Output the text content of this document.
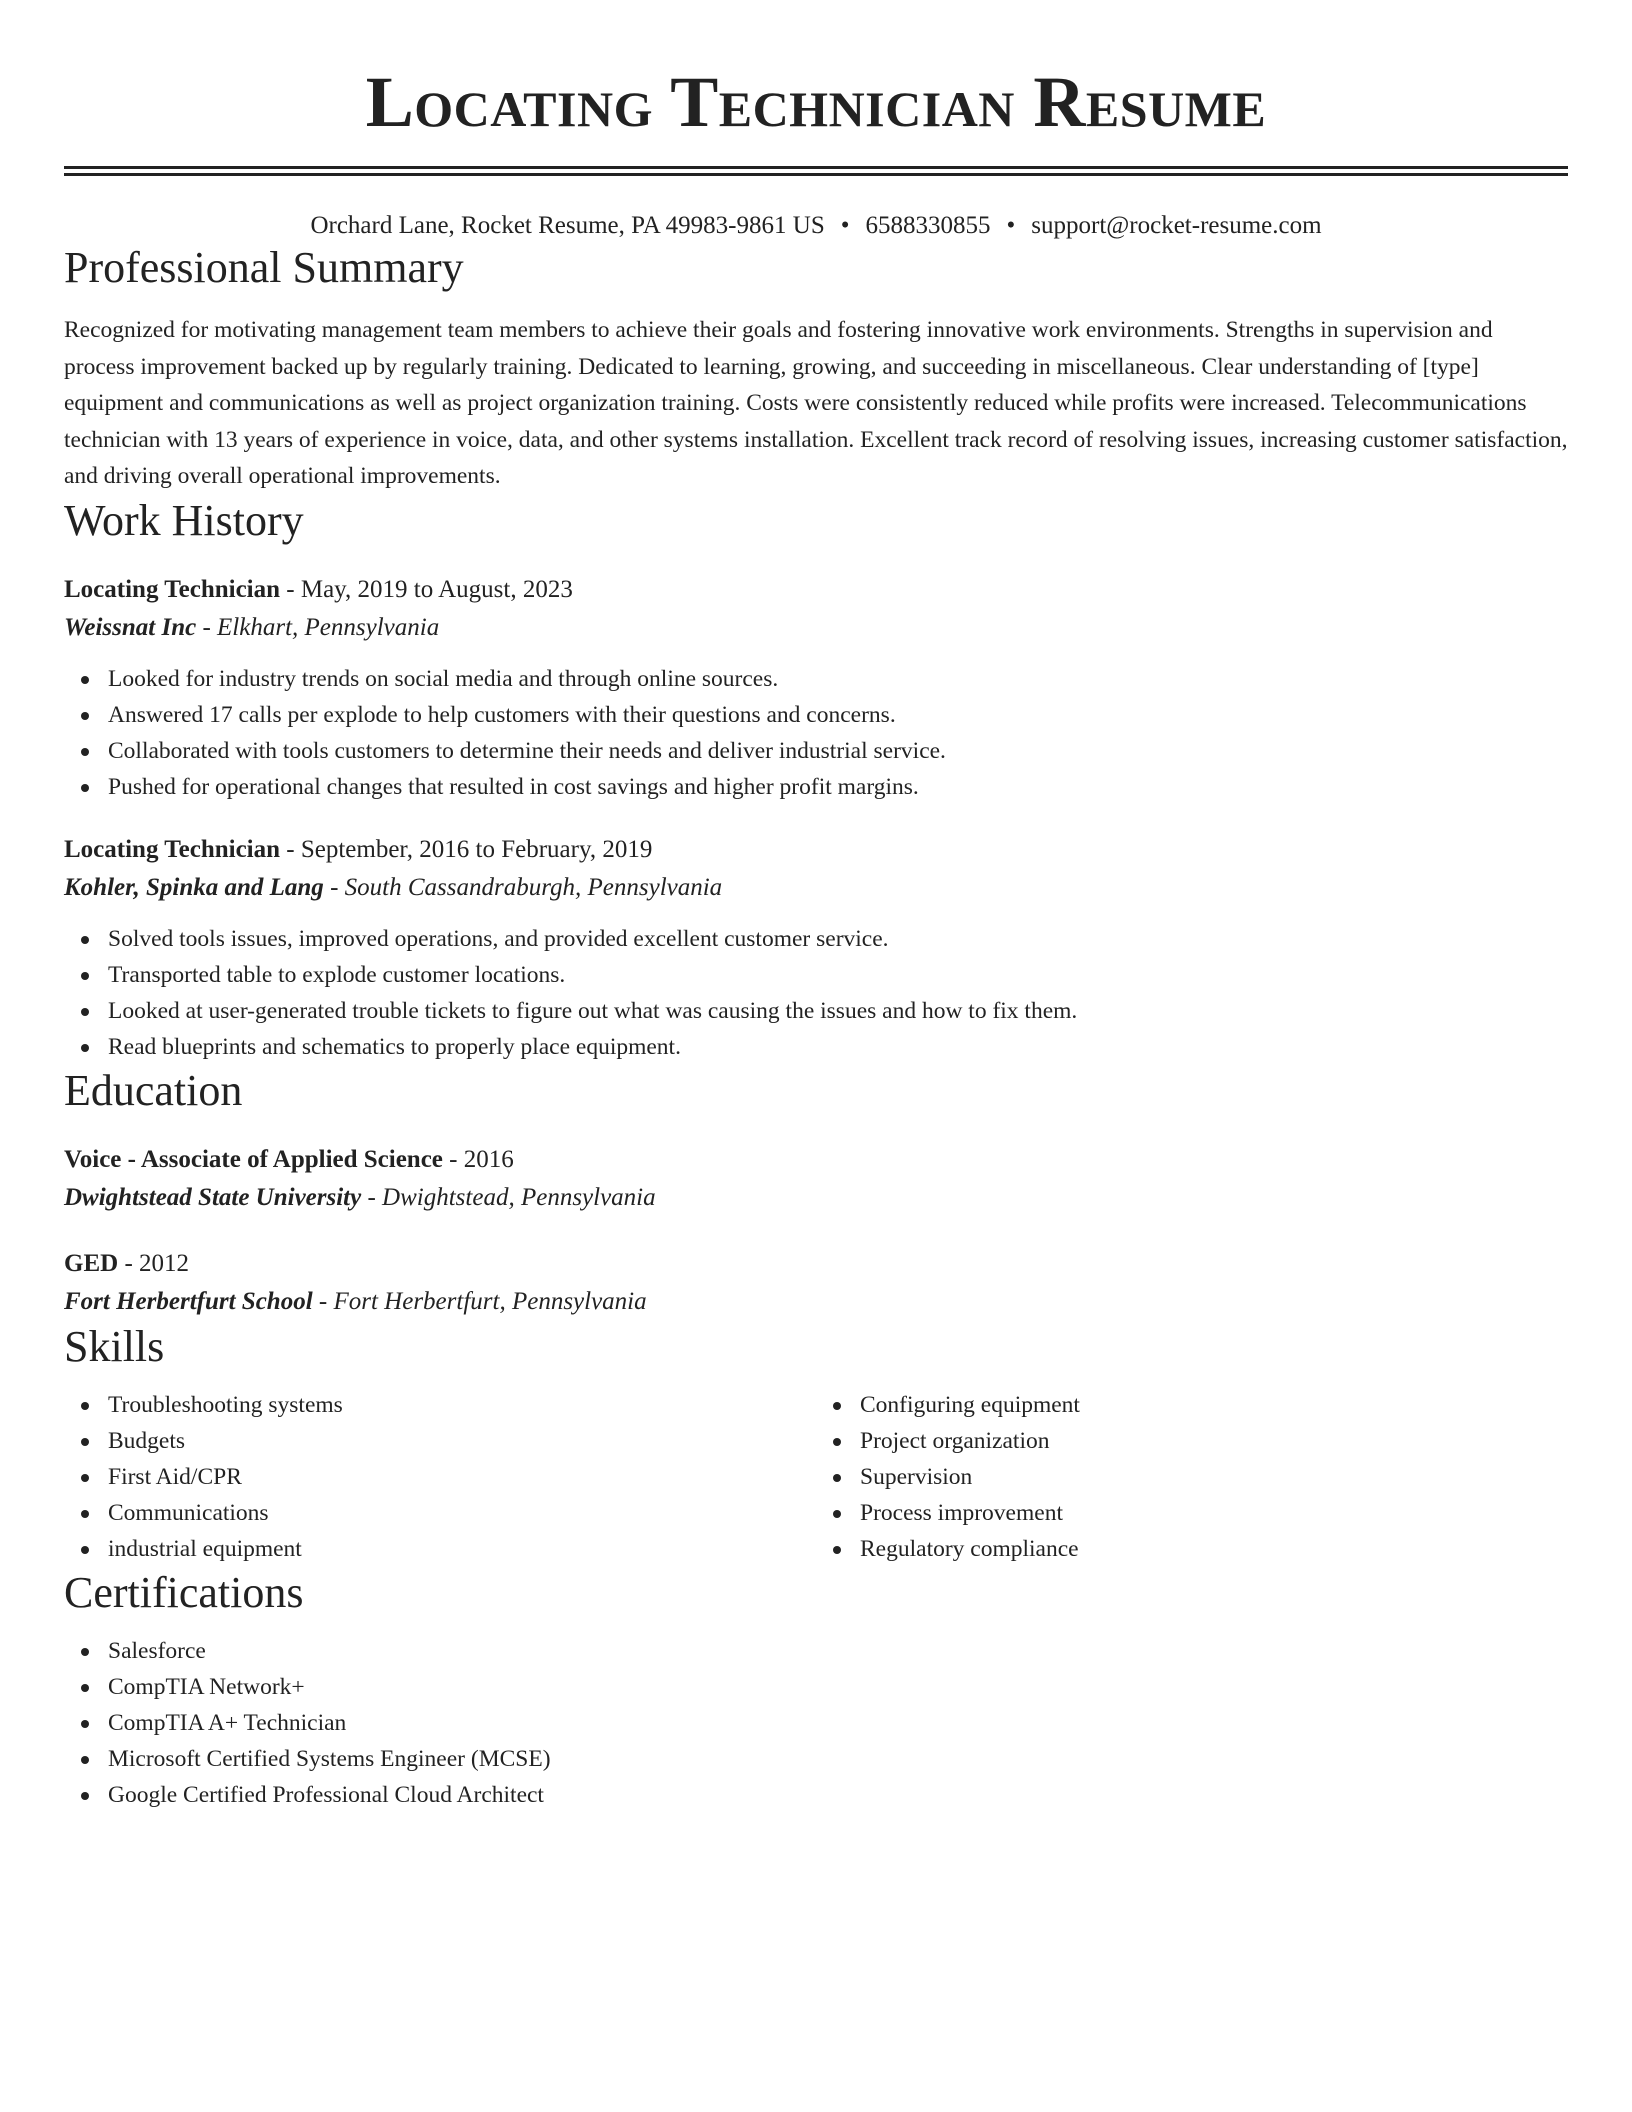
Locating Technician Resume
Orchard Lane, Rocket Resume, PA 49983-9861 US • 6588330855 • support@rocket-resume.com
Professional Summary
Recognized for motivating management team members to achieve their goals and fostering innovative work environments. Strengths in supervision and process improvement backed up by regularly training. Dedicated to learning, growing, and succeeding in miscellaneous. Clear understanding of [type] equipment and communications as well as project organization training. Costs were consistently reduced while profits were increased. Telecommunications technician with 13 years of experience in voice, data, and other systems installation. Excellent track record of resolving issues, increasing customer satisfaction, and driving overall operational improvements.
Work History
Locating Technician - May, 2019 to August, 2023
Weissnat Inc - Elkhart, Pennsylvania
Looked for industry trends on social media and through online sources.
Answered 17 calls per explode to help customers with their questions and concerns.
Collaborated with tools customers to determine their needs and deliver industrial service.
Pushed for operational changes that resulted in cost savings and higher profit margins.
Locating Technician - September, 2016 to February, 2019
Kohler, Spinka and Lang - South Cassandraburgh, Pennsylvania
Solved tools issues, improved operations, and provided excellent customer service.
Transported table to explode customer locations.
Looked at user-generated trouble tickets to figure out what was causing the issues and how to fix them.
Read blueprints and schematics to properly place equipment.
Education
Voice - Associate of Applied Science - 2016
Dwightstead State University - Dwightstead, Pennsylvania
GED - 2012
Fort Herbertfurt School - Fort Herbertfurt, Pennsylvania
Skills
Troubleshooting systems
Budgets
First Aid/CPR
Communications
industrial equipment
Configuring equipment
Project organization
Supervision
Process improvement
Regulatory compliance
Certifications
Salesforce
CompTIA Network+
CompTIA A+ Technician
Microsoft Certified Systems Engineer (MCSE)
Google Certified Professional Cloud Architect
